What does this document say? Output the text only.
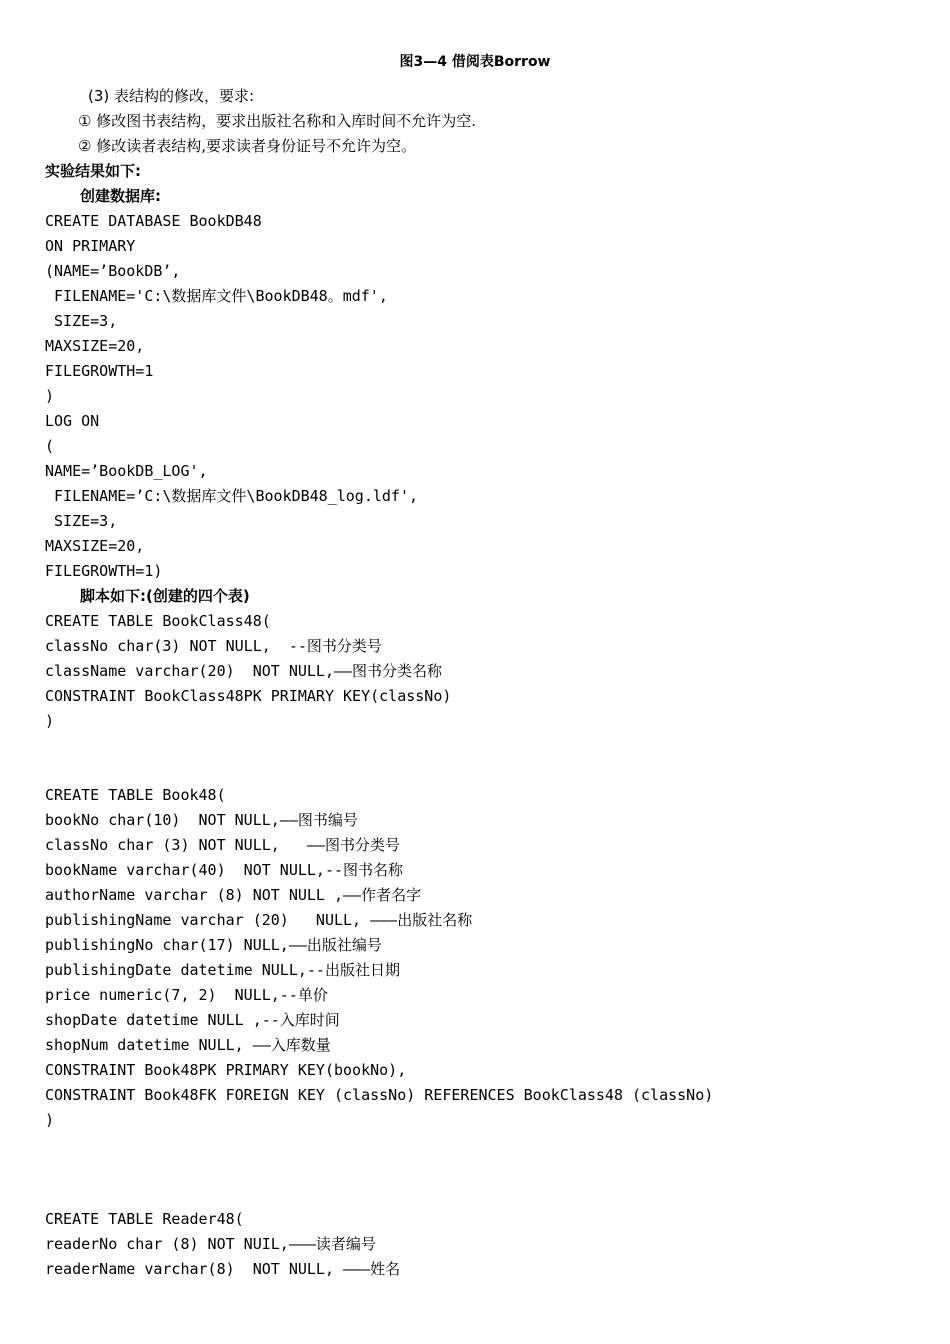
图3—4 借阅表Borrow
(3) 表结构的修改，要求:
① 修改图书表结构，要求出版社名称和入库时间不允许为空.
② 修改读者表结构,要求读者身份证号不允许为空。
实验结果如下:
创建数据库:
CREATE DATABASE BookDB48
ON PRIMARY
(NAME=’BookDB’,
FILENAME='C:\数据库文件\BookDB48。mdf',
SIZE=3,
MAXSIZE=20,
FILEGROWTH=1
)
LOG ON
(
NAME=’BookDB_LOG',
FILENAME=’C:\数据库文件\BookDB48_log.ldf',
SIZE=3,
MAXSIZE=20,
FILEGROWTH=1)
脚本如下:(创建的四个表)
CREATE TABLE BookClass48(
classNo char(3) NOT NULL,  --图书分类号
className varchar(20)  NOT NULL,——图书分类名称
CONSTRAINT BookClass48PK PRIMARY KEY(classNo)
)
CREATE TABLE Book48(
bookNo char(10)  NOT NULL,——图书编号
classNo char (3) NOT NULL,   ——图书分类号
bookName varchar(40)  NOT NULL,--图书名称
authorName varchar (8) NOT NULL ,——作者名字
publishingName varchar (20)   NULL, ———出版社名称
publishingNo char(17) NULL,——出版社编号
publishingDate datetime NULL,--出版社日期
price numeric(7, 2)  NULL,--单价
shopDate datetime NULL ,--入库时间
shopNum datetime NULL, ——入库数量
CONSTRAINT Book48PK PRIMARY KEY(bookNo),
CONSTRAINT Book48FK FOREIGN KEY (classNo) REFERENCES BookClass48 (classNo)
)
CREATE TABLE Reader48(
readerNo char (8) NOT NUIL,———读者编号
readerName varchar(8)  NOT NULL, ———姓名
